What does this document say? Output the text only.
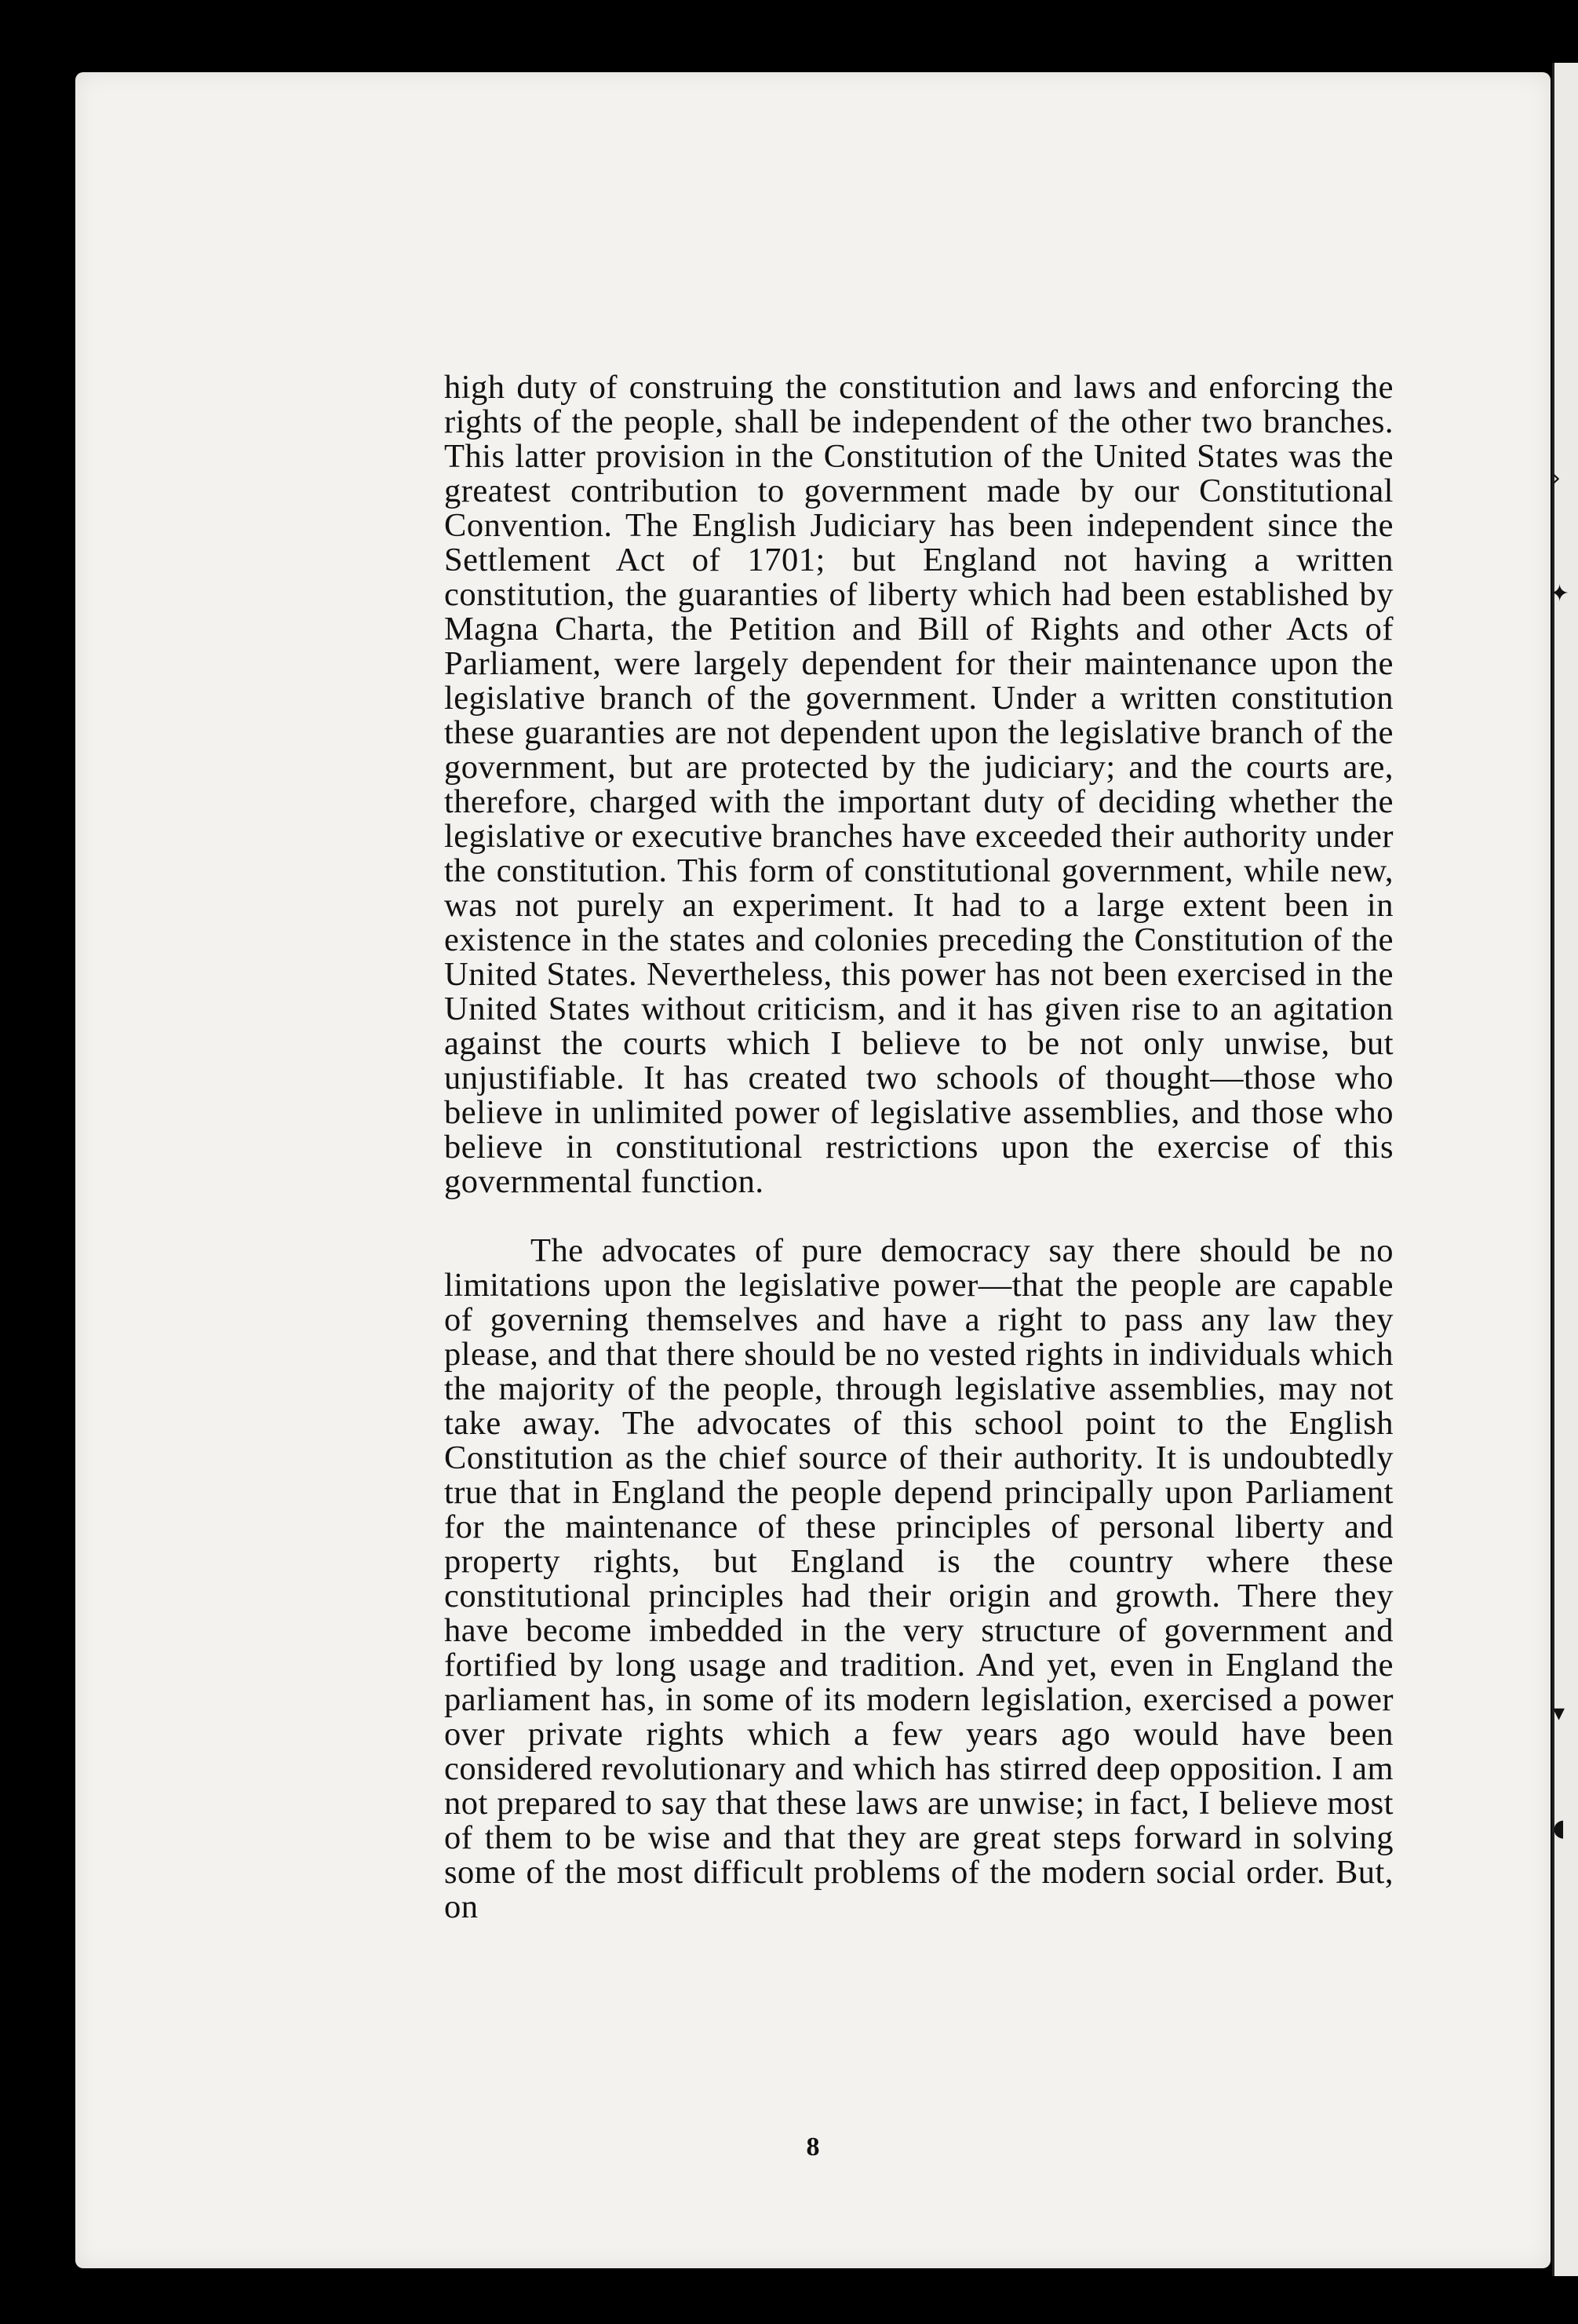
high duty of construing the constitution and laws and enforcing the rights of the people, shall be independent of the other two branches. This latter provision in the Constitution of the United States was the greatest contribution to government made by our Constitutional Convention. The English Judiciary has been independent since the Settlement Act of 1701; but England not having a written constitution, the guaranties of liberty which had been established by Magna Charta, the Petition and Bill of Rights and other Acts of Parliament, were largely dependent for their maintenance upon the legislative branch of the government. Under a written constitution these guaranties are not dependent upon the legislative branch of the government, but are protected by the judiciary; and the courts are, therefore, charged with the important duty of deciding whether the legislative or executive branches have exceeded their authority under the constitution. This form of constitutional government, while new, was not purely an experiment. It had to a large extent been in existence in the states and colonies preceding the Constitution of the United States. Nevertheless, this power has not been exercised in the United States without criticism, and it has given rise to an agitation against the courts which I believe to be not only unwise, but unjustifiable. It has created two schools of thought—those who believe in unlimited power of legislative assemblies, and those who believe in constitutional restrictions upon the exercise of this governmental function.

The advocates of pure democracy say there should be no limitations upon the legislative power—that the people are capable of governing themselves and have a right to pass any law they please, and that there should be no vested rights in individuals which the majority of the people, through legislative assemblies, may not take away. The advocates of this school point to the English Constitution as the chief source of their authority. It is undoubtedly true that in England the people depend principally upon Parliament for the maintenance of these principles of personal liberty and property rights, but England is the country where these constitutional principles had their origin and growth. There they have become imbedded in the very structure of government and fortified by long usage and tradition. And yet, even in England the parliament has, in some of its modern legislation, exercised a power over private rights which a few years ago would have been considered revolutionary and which has stirred deep opposition. I am not prepared to say that these laws are unwise; in fact, I believe most of them to be wise and that they are great steps forward in solving some of the most difficult problems of the modern social order. But, on

8
›
✦
▾
◖
